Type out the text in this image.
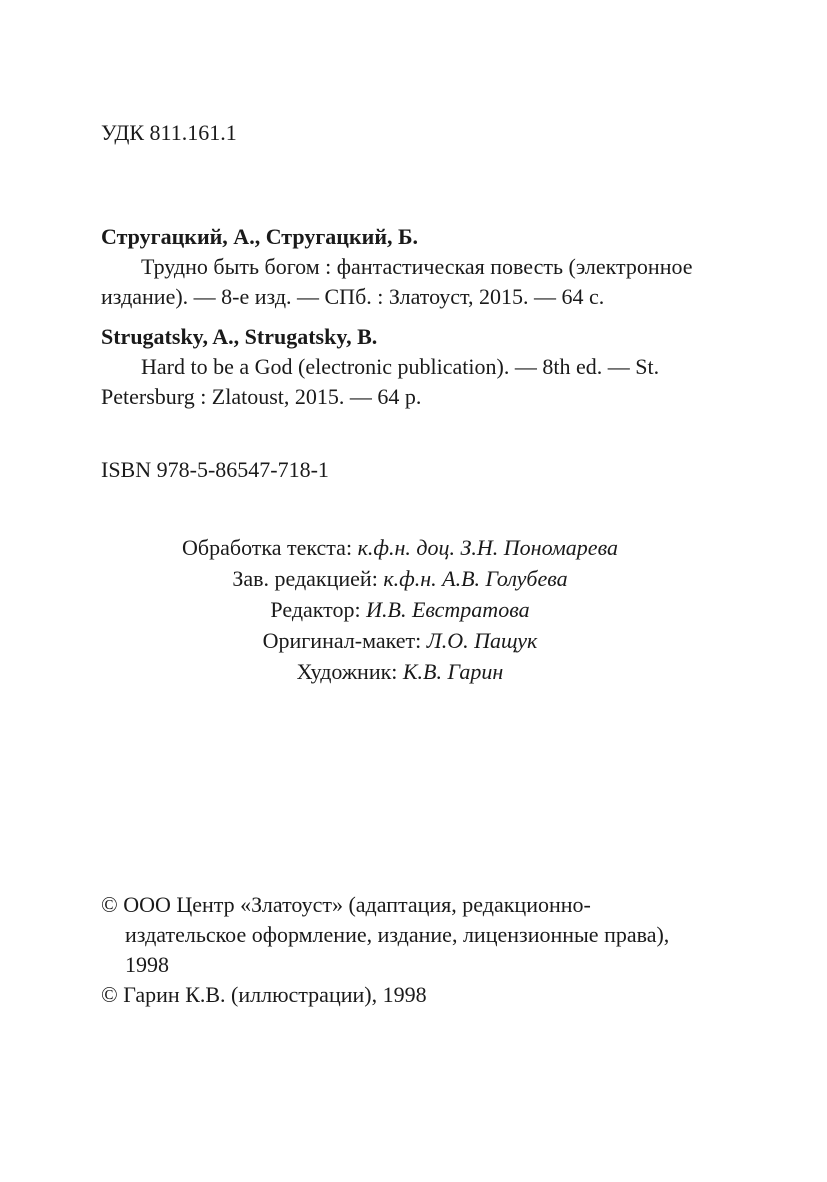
УДК 811.161.1
Стругацкий, А., Стругацкий, Б.
Трудно быть богом : фантастическая повесть (электронное
издание). — 8-е изд. — СПб. : Златоуст, 2015. — 64 с.
Strugatsky, A., Strugatsky, B.
Hard to be a God (electronic publication). — 8th ed. — St.
Petersburg : Zlatoust, 2015. — 64 p.
ISBN 978-5-86547-718-1
Обработка текста: к.ф.н. доц. З.Н. Пономарева
Зав. редакцией: к.ф.н. А.В. Голубева
Редактор: И.В. Евстратова
Оригинал-макет: Л.О. Пащук
Художник: К.В. Гарин
© ООО Центр «Златоуст» (адаптация, редакционно-
издательское оформление, издание, лицензионные права),
1998
© Гарин К.В. (иллюстрации), 1998
